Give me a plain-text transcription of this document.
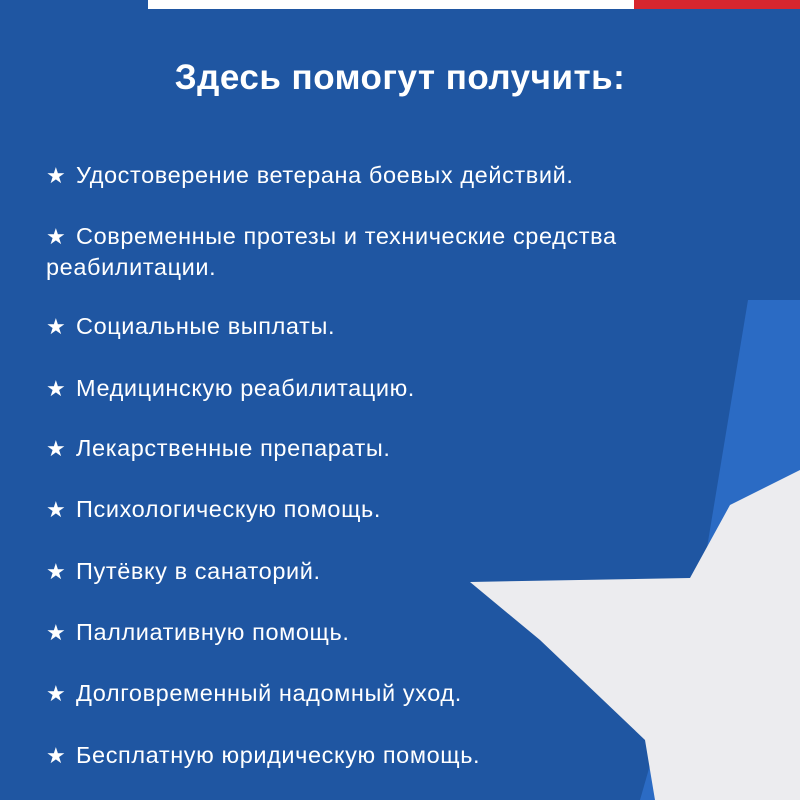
Здесь помогут получить:
★ Удостоверение ветерана боевых действий.
★ Современные протезы и технические средства реабилитации.
★ Социальные выплаты.
★ Медицинскую реабилитацию.
★ Лекарственные препараты.
★ Психологическую помощь.
★ Путёвку в санаторий.
★ Паллиативную помощь.
★ Долговременный надомный уход.
★ Бесплатную юридическую помощь.
